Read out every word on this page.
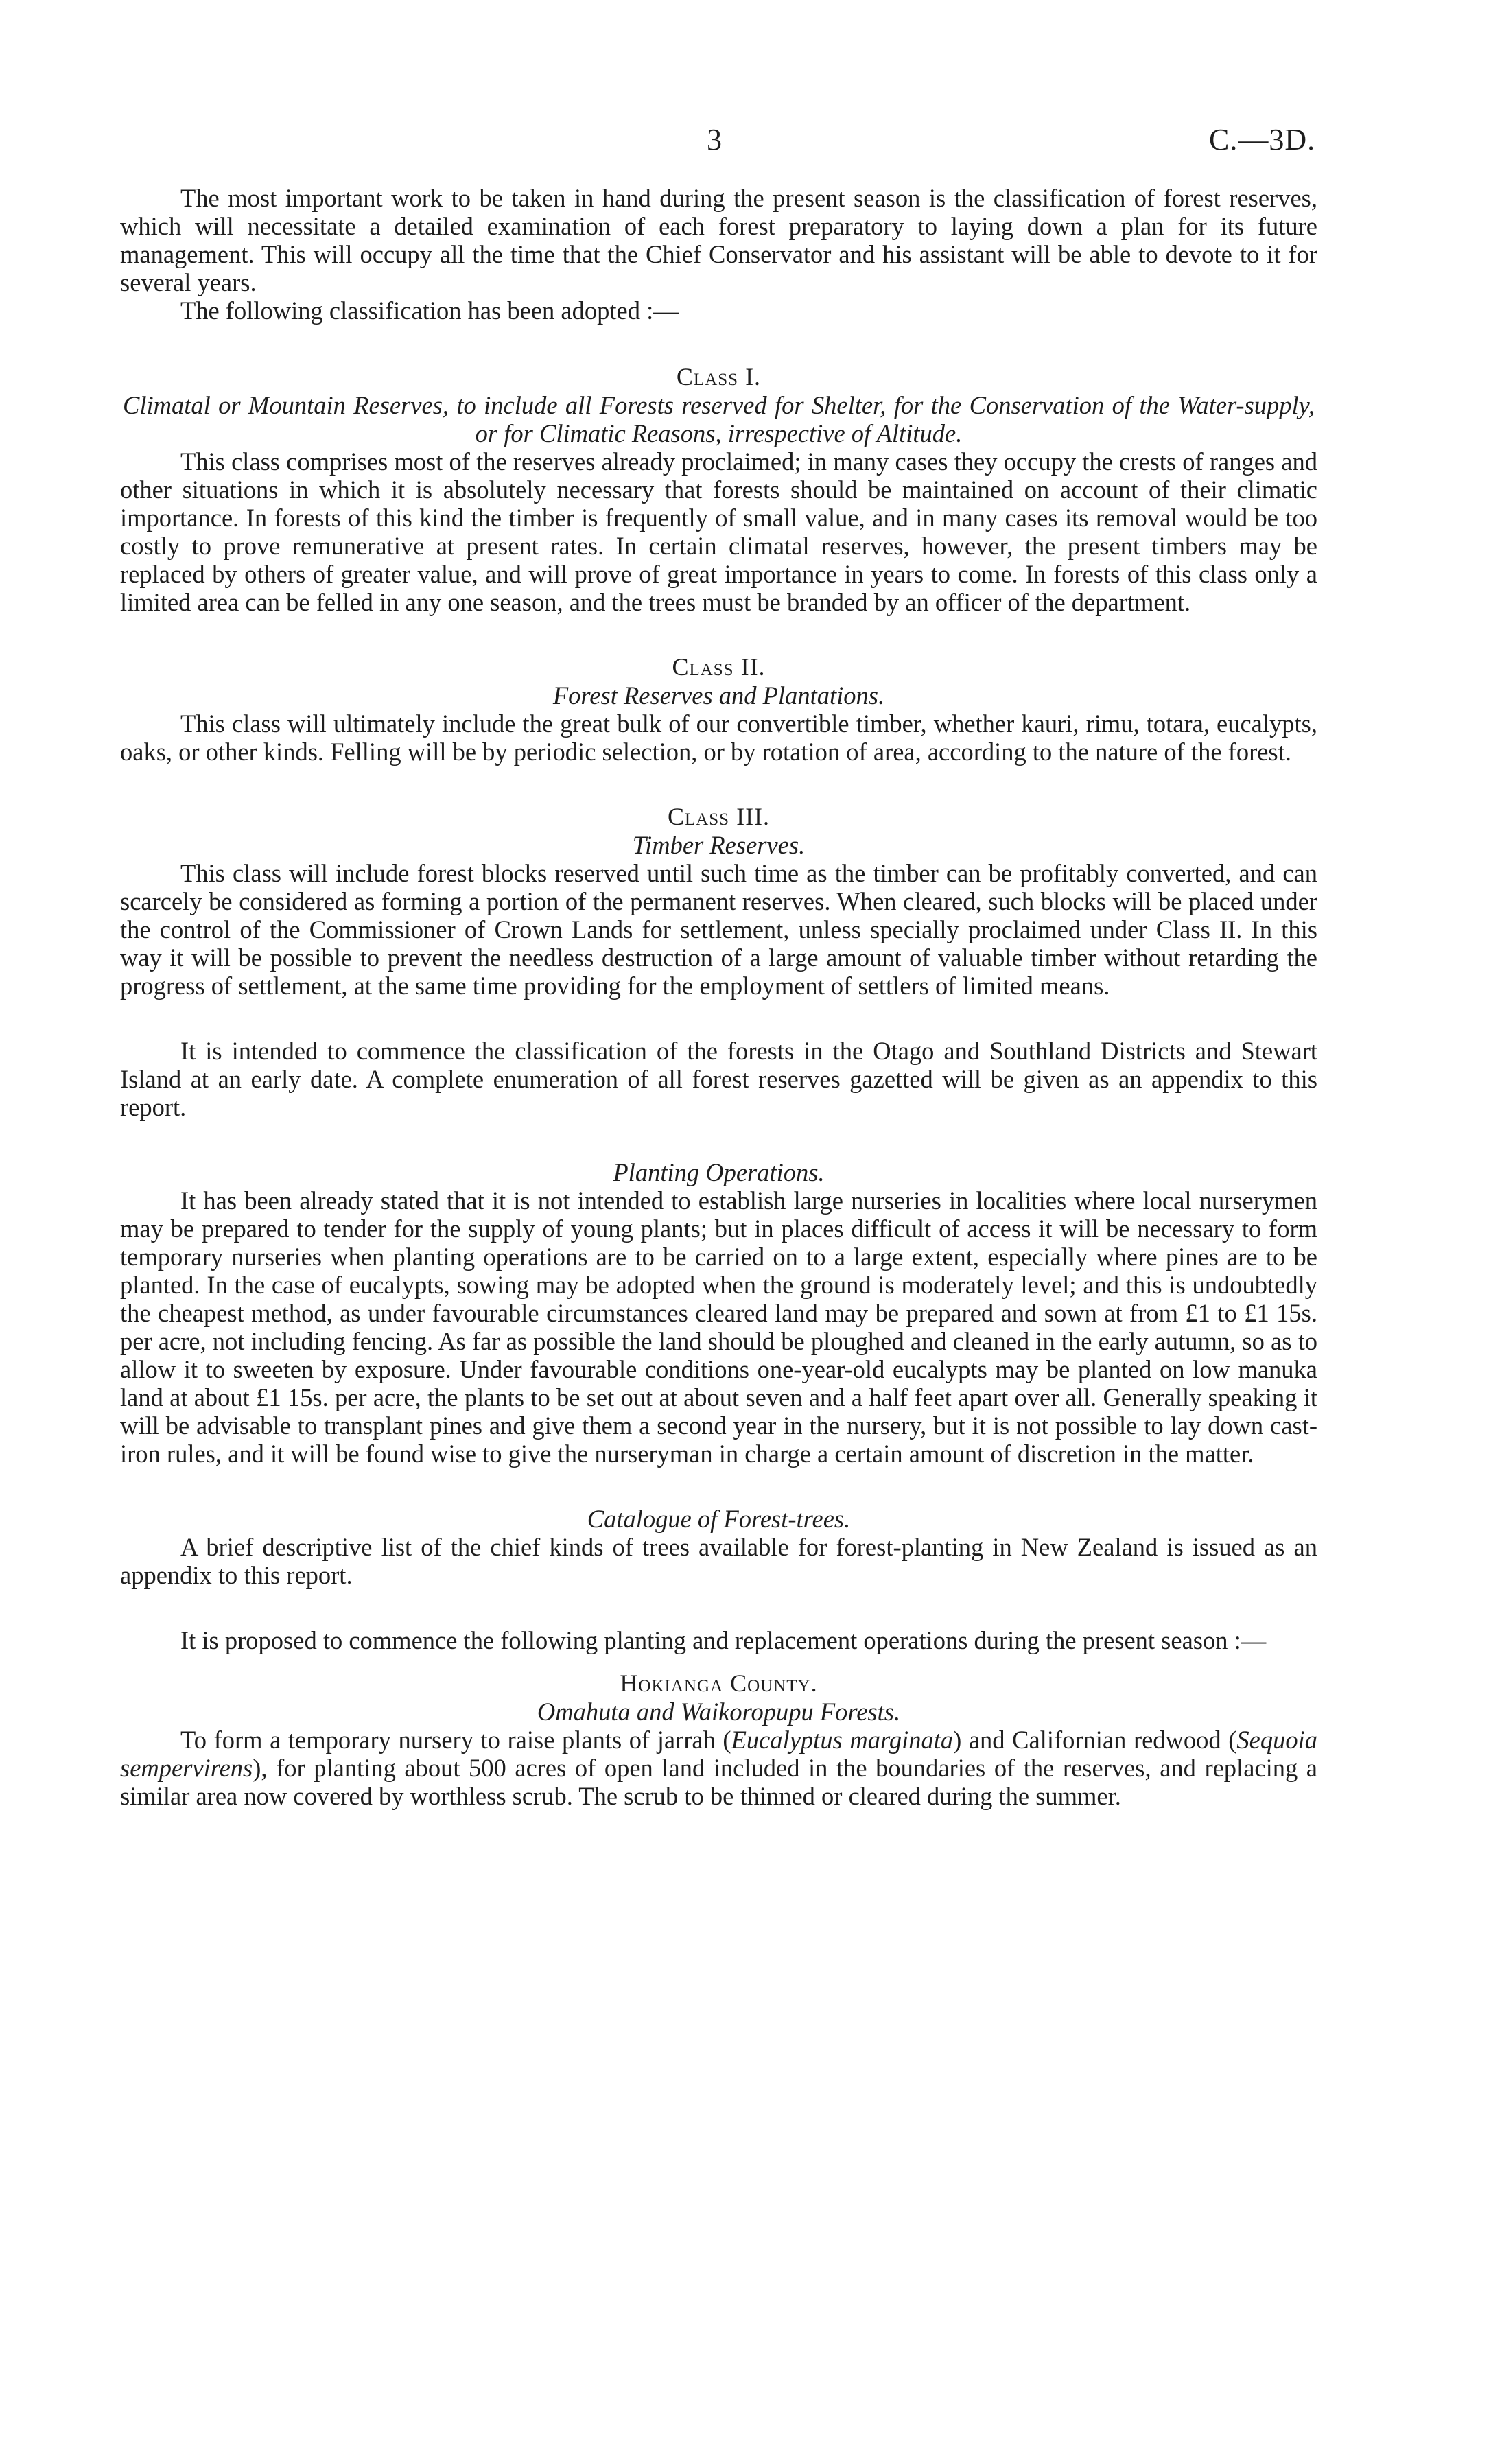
3	C.—3D.

The most important work to be taken in hand during the present season is the classification of forest reserves, which will necessitate a detailed examination of each forest preparatory to laying down a plan for its future management. This will occupy all the time that the Chief Conservator and his assistant will be able to devote to it for several years.

The following classification has been adopted :—

Class I.
Climatal or Mountain Reserves, to include all Forests reserved for Shelter, for the Conservation of the Water-supply, or for Climatic Reasons, irrespective of Altitude.

This class comprises most of the reserves already proclaimed; in many cases they occupy the crests of ranges and other situations in which it is absolutely necessary that forests should be maintained on account of their climatic importance. In forests of this kind the timber is frequently of small value, and in many cases its removal would be too costly to prove remunerative at present rates. In certain climatal reserves, however, the present timbers may be replaced by others of greater value, and will prove of great importance in years to come. In forests of this class only a limited area can be felled in any one season, and the trees must be branded by an officer of the department.

Class II.
Forest Reserves and Plantations.

This class will ultimately include the great bulk of our convertible timber, whether kauri, rimu, totara, eucalypts, oaks, or other kinds. Felling will be by periodic selection, or by rotation of area, according to the nature of the forest.

Class III.
Timber Reserves.

This class will include forest blocks reserved until such time as the timber can be profitably converted, and can scarcely be considered as forming a portion of the permanent reserves. When cleared, such blocks will be placed under the control of the Commissioner of Crown Lands for settlement, unless specially proclaimed under Class II. In this way it will be possible to prevent the needless destruction of a large amount of valuable timber without retarding the progress of settlement, at the same time providing for the employment of settlers of limited means.

It is intended to commence the classification of the forests in the Otago and Southland Districts and Stewart Island at an early date. A complete enumeration of all forest reserves gazetted will be given as an appendix to this report.

Planting Operations.

It has been already stated that it is not intended to establish large nurseries in localities where local nurserymen may be prepared to tender for the supply of young plants; but in places difficult of access it will be necessary to form temporary nurseries when planting operations are to be carried on to a large extent, especially where pines are to be planted. In the case of eucalypts, sowing may be adopted when the ground is moderately level; and this is undoubtedly the cheapest method, as under favourable circumstances cleared land may be prepared and sown at from £1 to £1 15s. per acre, not including fencing. As far as possible the land should be ploughed and cleaned in the early autumn, so as to allow it to sweeten by exposure. Under favourable conditions one-year-old eucalypts may be planted on low manuka land at about £1 15s. per acre, the plants to be set out at about seven and a half feet apart over all. Generally speaking it will be advisable to transplant pines and give them a second year in the nursery, but it is not possible to lay down cast-iron rules, and it will be found wise to give the nurseryman in charge a certain amount of discretion in the matter.

Catalogue of Forest-trees.

A brief descriptive list of the chief kinds of trees available for forest-planting in New Zealand is issued as an appendix to this report.

It is proposed to commence the following planting and replacement operations during the present season :—

Hokianga County.
Omahuta and Waikoropupu Forests.

To form a temporary nursery to raise plants of jarrah (Eucalyptus marginata) and Californian redwood (Sequoia sempervirens), for planting about 500 acres of open land included in the boundaries of the reserves, and replacing a similar area now covered by worthless scrub. The scrub to be thinned or cleared during the summer.
